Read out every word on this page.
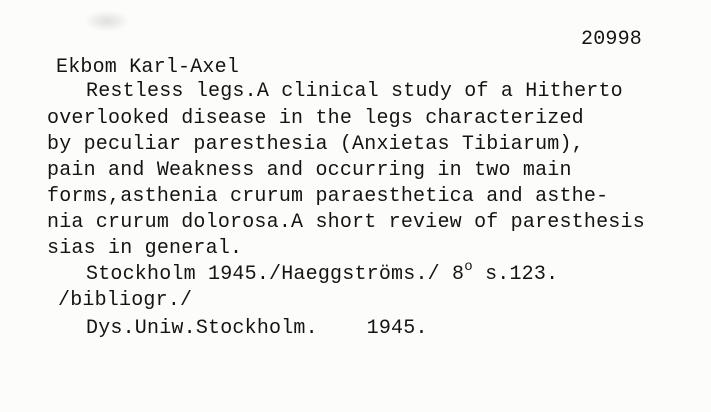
20998
Ekbom Karl-Axel
Restless legs.A clinical study of a Hitherto
overlooked disease in the legs characterized
by peculiar paresthesia (Anxietas Tibiarum),
pain and Weakness and occurring in two main
forms,asthenia crurum paraesthetica and asthe-
nia crurum dolorosa.A short review of paresthesis
sias in general.
Stockholm 1945./Haeggströms./ 8$^o$ s.123.
/bibliogr./
Dys.Uniw.Stockholm.    1945.
